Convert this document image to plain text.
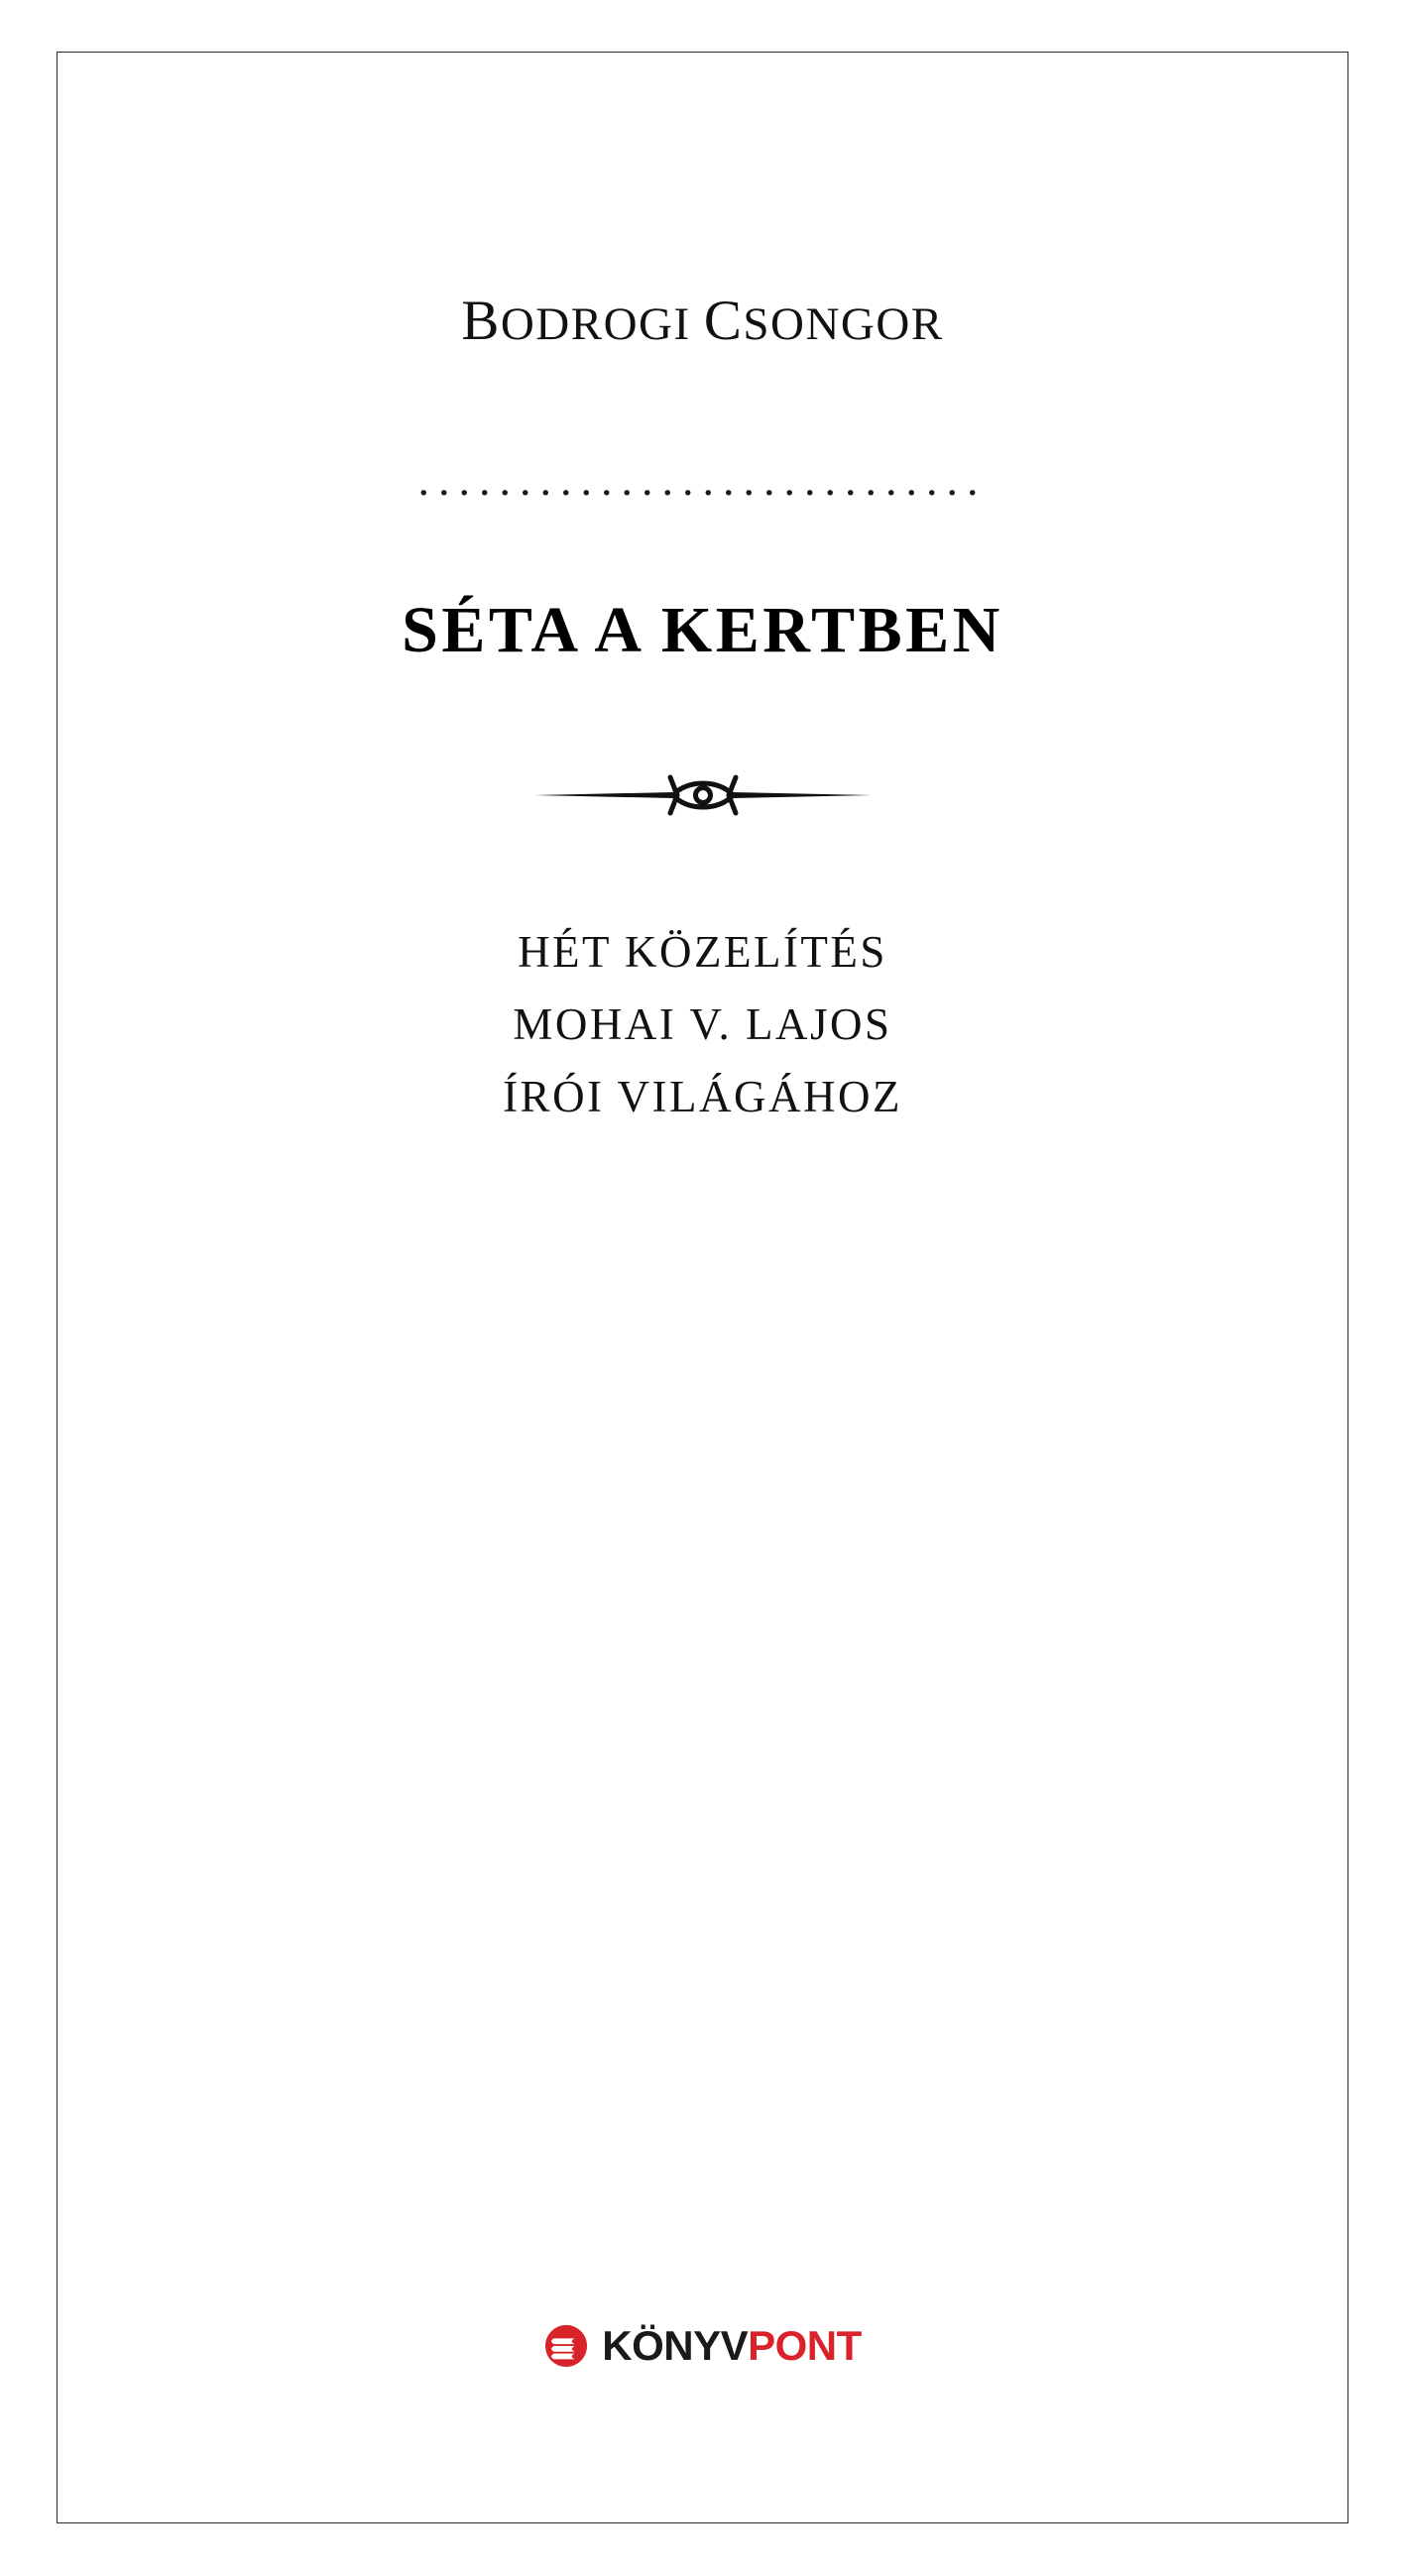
BODROGI CSONGOR
............................
SÉTA A KERTBEN
HÉT KÖZELÍTÉS
MOHAI V. LAJOS
ÍRÓI VILÁGÁHOZ
KÖNYV PONT
